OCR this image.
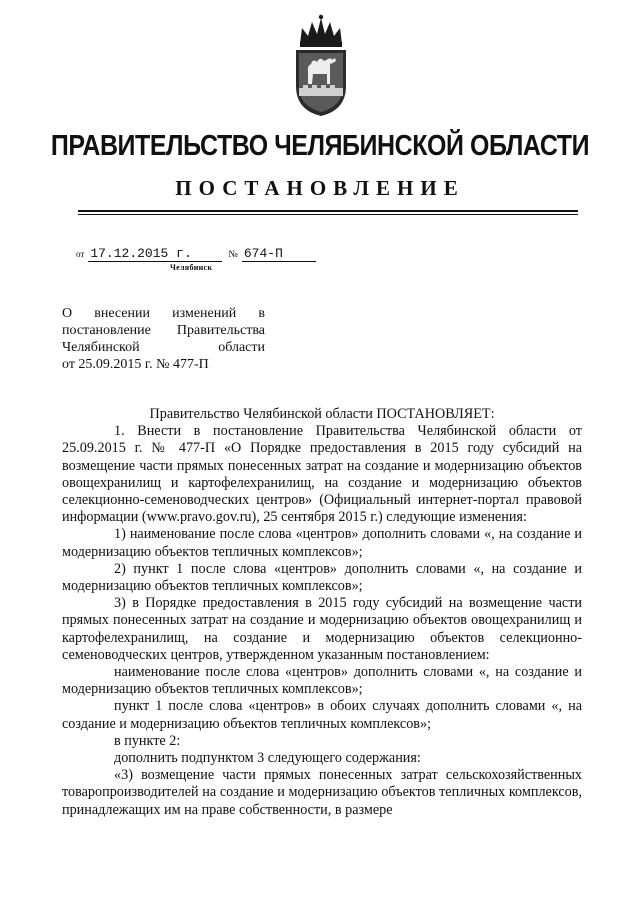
ПРАВИТЕЛЬСТВО ЧЕЛЯБИНСКОЙ ОБЛАСТИ
ПОСТАНОВЛЕНИЕ
от 17.12.2015 г.	№ 674-П
Челябинск
О внесении изменений в
постановление Правительства
Челябинской области
от 25.09.2015 г. № 477-П

Правительство Челябинской области ПОСТАНОВЛЯЕТ:

1. Внести в постановление Правительства Челябинской области от 25.09.2015 г. № 477-П «О Порядке предоставления в 2015 году субсидий на возмещение части прямых понесенных затрат на создание и модернизацию объектов овощехранилищ и картофелехранилищ, на создание и модернизацию объектов селекционно-семеноводческих центров» (Официальный интернет-портал правовой информации (www.pravo.gov.ru), 25 сентября 2015 г.) следующие изменения:

1) наименование после слова «центров» дополнить словами «, на создание и модернизацию объектов тепличных комплексов»;

2) пункт 1 после слова «центров» дополнить словами «, на создание и модернизацию объектов тепличных комплексов»;

3) в Порядке предоставления в 2015 году субсидий на возмещение части прямых понесенных затрат на создание и модернизацию объектов овощехранилищ и картофелехранилищ, на создание и модернизацию объектов селекционно-семеноводческих центров, утвержденном указанным постановлением:

наименование после слова «центров» дополнить словами «, на создание и модернизацию объектов тепличных комплексов»;

пункт 1 после слова «центров» в обоих случаях дополнить словами «, на создание и модернизацию объектов тепличных комплексов»;

в пункте 2:

дополнить подпунктом 3 следующего содержания:

«3) возмещение части прямых понесенных затрат сельскохозяйственных товаропроизводителей на создание и модернизацию объектов тепличных комплексов, принадлежащих им на праве собственности, в размере
